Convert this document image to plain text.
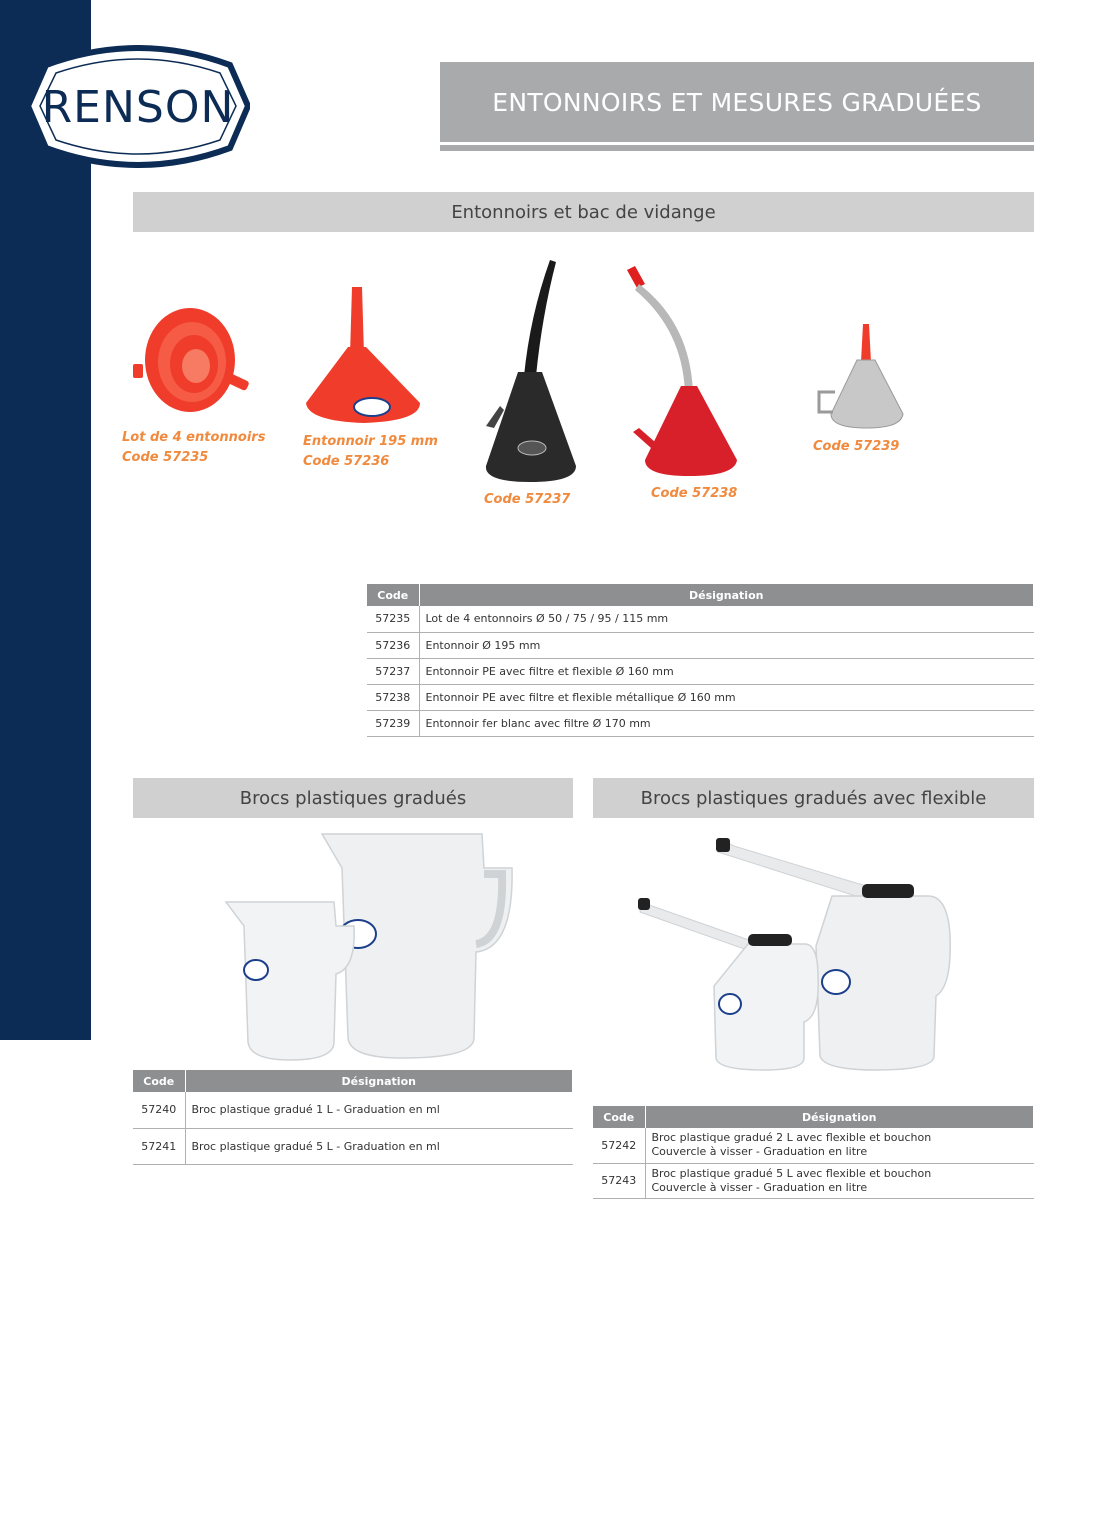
RENSON	ENTONNOIRS ET MESURES GRADUÉES
Entonnoirs et bac de vidange
Lot de 4 entonnoirs
Code 57235
Entonnoir 195 mm
Code 57236
Code 57237	Code 57238
Code 57239
Code	Désignation
57235	Lot de 4 entonnoirs Ø 50 / 75 / 95 / 115 mm
57236	Entonnoir Ø 195 mm
57237	Entonnoir PE avec filtre et flexible Ø 160 mm
57238	Entonnoir PE avec filtre et flexible métallique Ø 160 mm
57239	Entonnoir fer blanc avec filtre Ø 170 mm
Brocs plastiques gradués
Code	Désignation
57240	Broc plastique gradué 1 L - Graduation en ml
57241	Broc plastique gradué 5 L - Graduation en ml
Brocs plastiques gradués avec flexible
Code	Désignation
57242	Broc plastique gradué 2 L avec flexible et bouchon
Couvercle à visser - Graduation en litre

57243	Broc plastique gradué 5 L avec flexible et bouchon
Couvercle à visser - Graduation en litre
